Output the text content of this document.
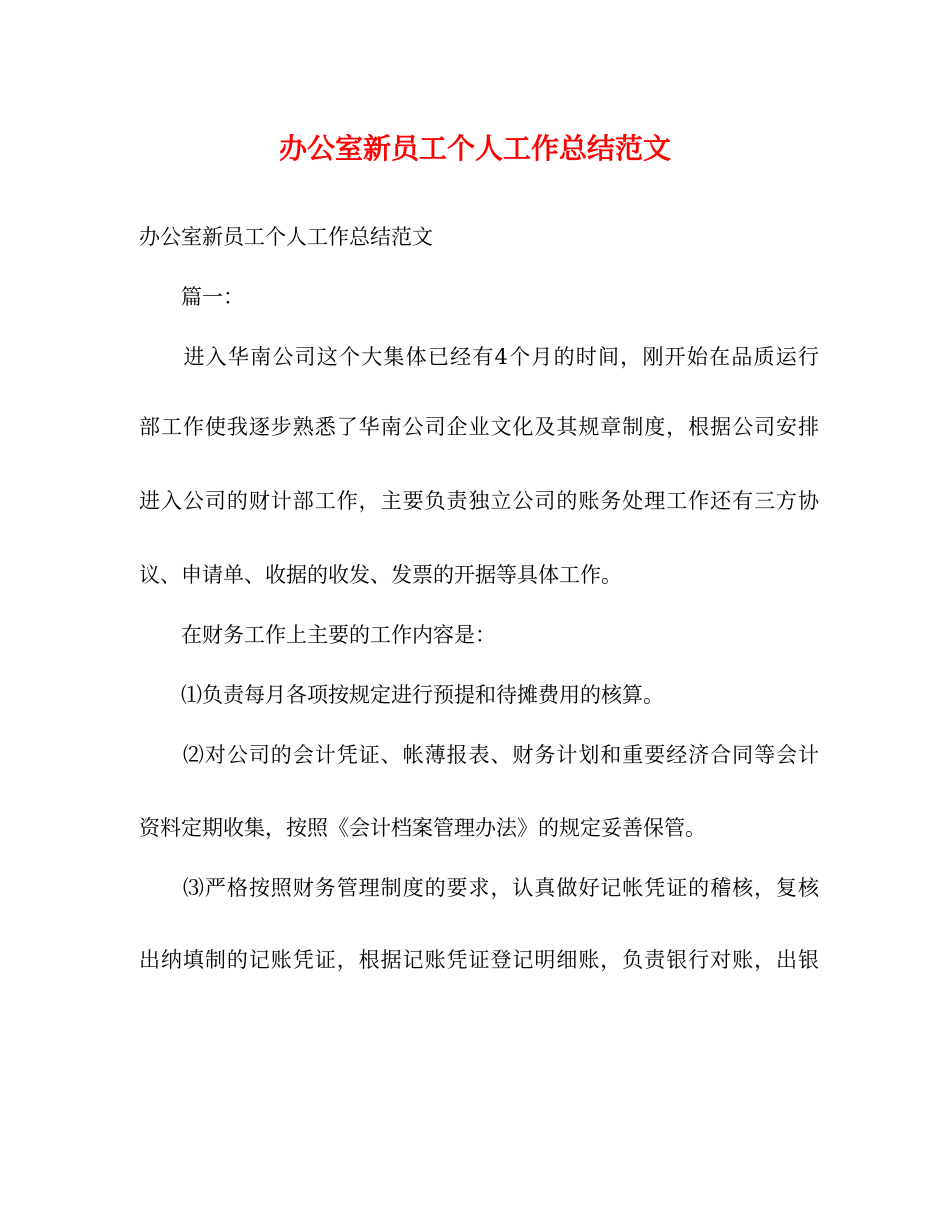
办公室新员工个人工作总结范文

办公室新员工个人工作总结范文

　　篇一：

　　进入华南公司这个大集体已经有4个月的时间，刚开始在品质运行

部工作使我逐步熟悉了华南公司企业文化及其规章制度，根据公司安排

进入公司的财计部工作，主要负责独立公司的账务处理工作还有三方协

议、申请单、收据的收发、发票的开据等具体工作。

　　在财务工作上主要的工作内容是：

　　⑴负责每月各项按规定进行预提和待摊费用的核算。

　　⑵对公司的会计凭证、帐薄报表、财务计划和重要经济合同等会计

资料定期收集，按照《会计档案管理办法》的规定妥善保管。

　　⑶严格按照财务管理制度的要求，认真做好记帐凭证的稽核，复核

出纳填制的记账凭证，根据记账凭证登记明细账，负责银行对账，出银
